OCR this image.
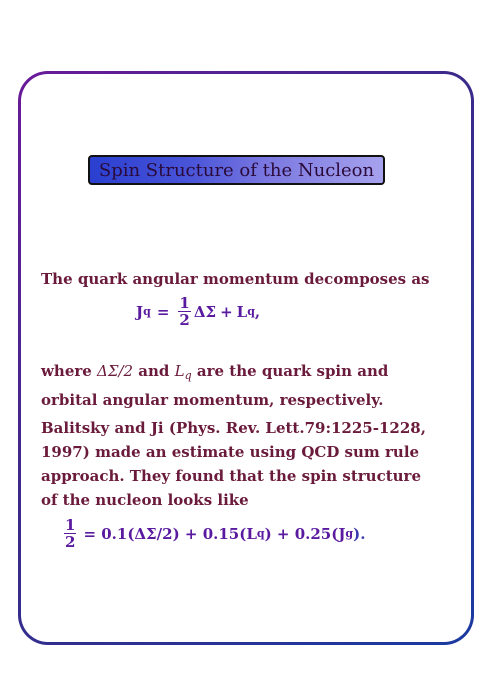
Spin Structure of the Nucleon
The quark angular momentum decomposes as
J $q = \frac{1}{2}$ ΔΣ + L q ,
where ΔΣ/2 and $L_q$ are the quark spin and
orbital angular momentum, respectively.
Balitsky and Ji (Phys. Rev. Lett.79:1225-1228,
1997) made an estimate using QCD sum rule
approach. They found that the spin structure
of the nucleon looks like
$\frac{1}{2} = 0.1(\Delta\Sigma/2) + 0.15(L$ q ) + 0.25(J g ).
